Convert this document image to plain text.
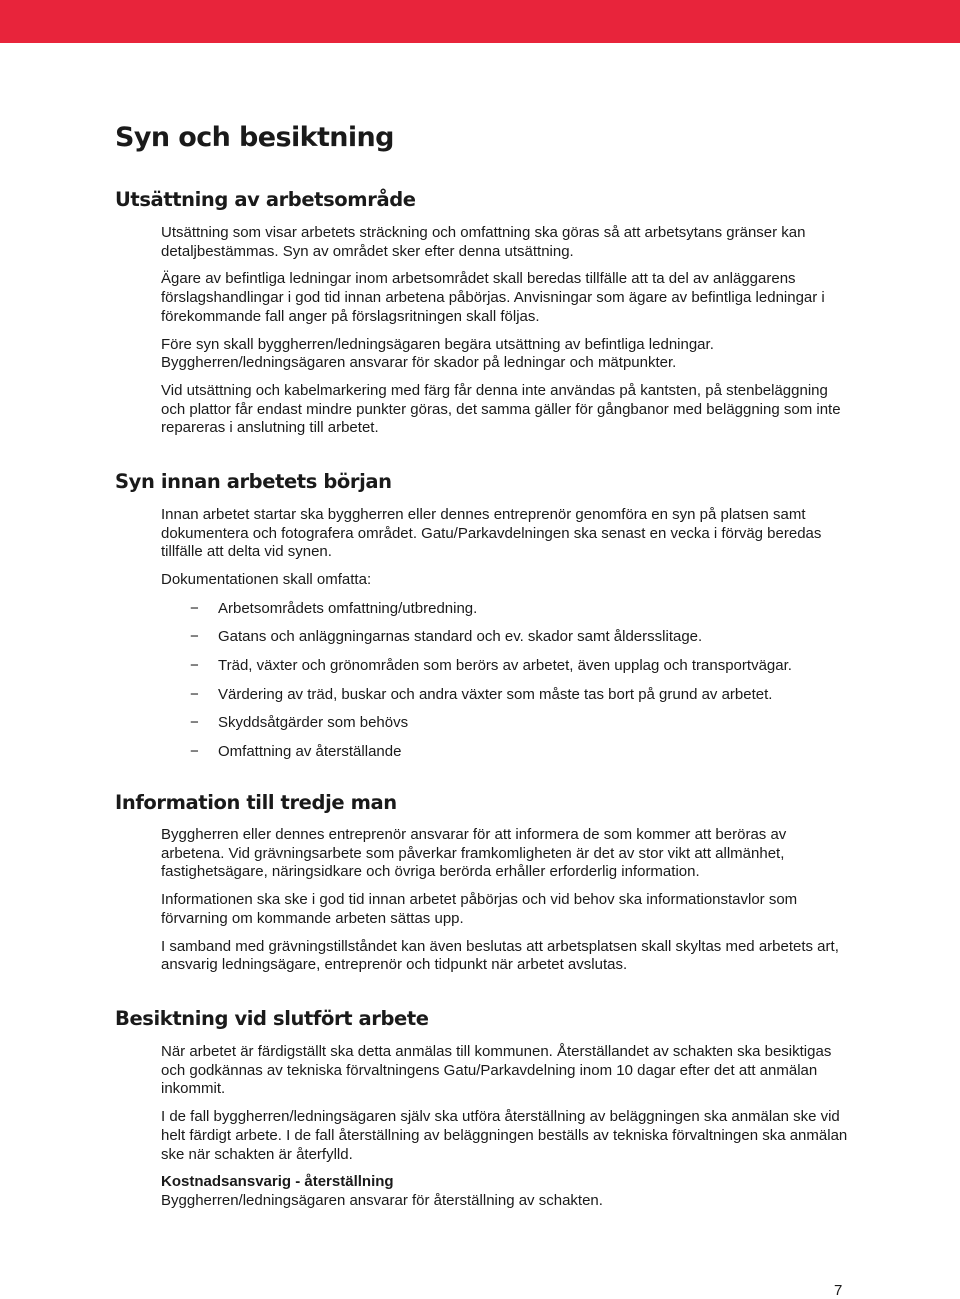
Syn och besiktning
Utsättning av arbetsområde

Utsättning som visar arbetets sträckning och omfattning ska göras så att arbetsytans gränser kan detaljbestämmas. Syn av området sker efter denna utsättning.

Ägare av befintliga ledningar inom arbetsområdet skall beredas tillfälle att ta del av anläggarens förslagshandlingar i god tid innan arbetena påbörjas. Anvisningar som ägare av befintliga ledningar i förekommande fall anger på förslagsritningen skall följas.

Före syn skall byggherren/ledningsägaren begära utsättning av befintliga ledningar. Byggherren/ledningsägaren ansvarar för skador på ledningar och mätpunkter.

Vid utsättning och kabelmarkering med färg får denna inte användas på kantsten, på stenbeläggning och plattor får endast mindre punkter göras, det samma gäller för gångbanor med beläggning som inte repareras i anslutning till arbetet.

Syn innan arbetets början

Innan arbetet startar ska byggherren eller dennes entreprenör genomföra en syn på platsen samt dokumentera och fotografera området. Gatu/Parkavdelningen ska senast en vecka i förväg beredas tillfälle att delta vid synen.

Dokumentationen skall omfatta:

− Arbetsområdets omfattning/utbredning.
− Gatans och anläggningarnas standard och ev. skador samt åldersslitage.
− Träd, växter och grönområden som berörs av arbetet, även upplag och transportvägar.
− Värdering av träd, buskar och andra växter som måste tas bort på grund av arbetet.
− Skyddsåtgärder som behövs
− Omfattning av återställande
Information till tredje man

Byggherren eller dennes entreprenör ansvarar för att informera de som kommer att beröras av arbetena. Vid grävningsarbete som påverkar framkomligheten är det av stor vikt att allmänhet, fastighetsägare, näringsidkare och övriga berörda erhåller erforderlig information.

Informationen ska ske i god tid innan arbetet påbörjas och vid behov ska informationstavlor som förvarning om kommande arbeten sättas upp.

I samband med grävningstillståndet kan även beslutas att arbetsplatsen skall skyltas med arbetets art, ansvarig ledningsägare, entreprenör och tidpunkt när arbetet avslutas.

Besiktning vid slutfört arbete

När arbetet är färdigställt ska detta anmälas till kommunen. Återställandet av schakten ska besiktigas och godkännas av tekniska förvaltningens Gatu/Parkavdelning inom 10 dagar efter det att anmälan inkommit.

I de fall byggherren/ledningsägaren själv ska utföra återställning av beläggningen ska anmälan ske vid helt färdigt arbete. I de fall återställning av beläggningen beställs av tekniska förvaltningen ska anmälan ske när schakten är återfylld.

Kostnadsansvarig - återställning
Byggherren/ledningsägaren ansvarar för återställning av schakten.

7
